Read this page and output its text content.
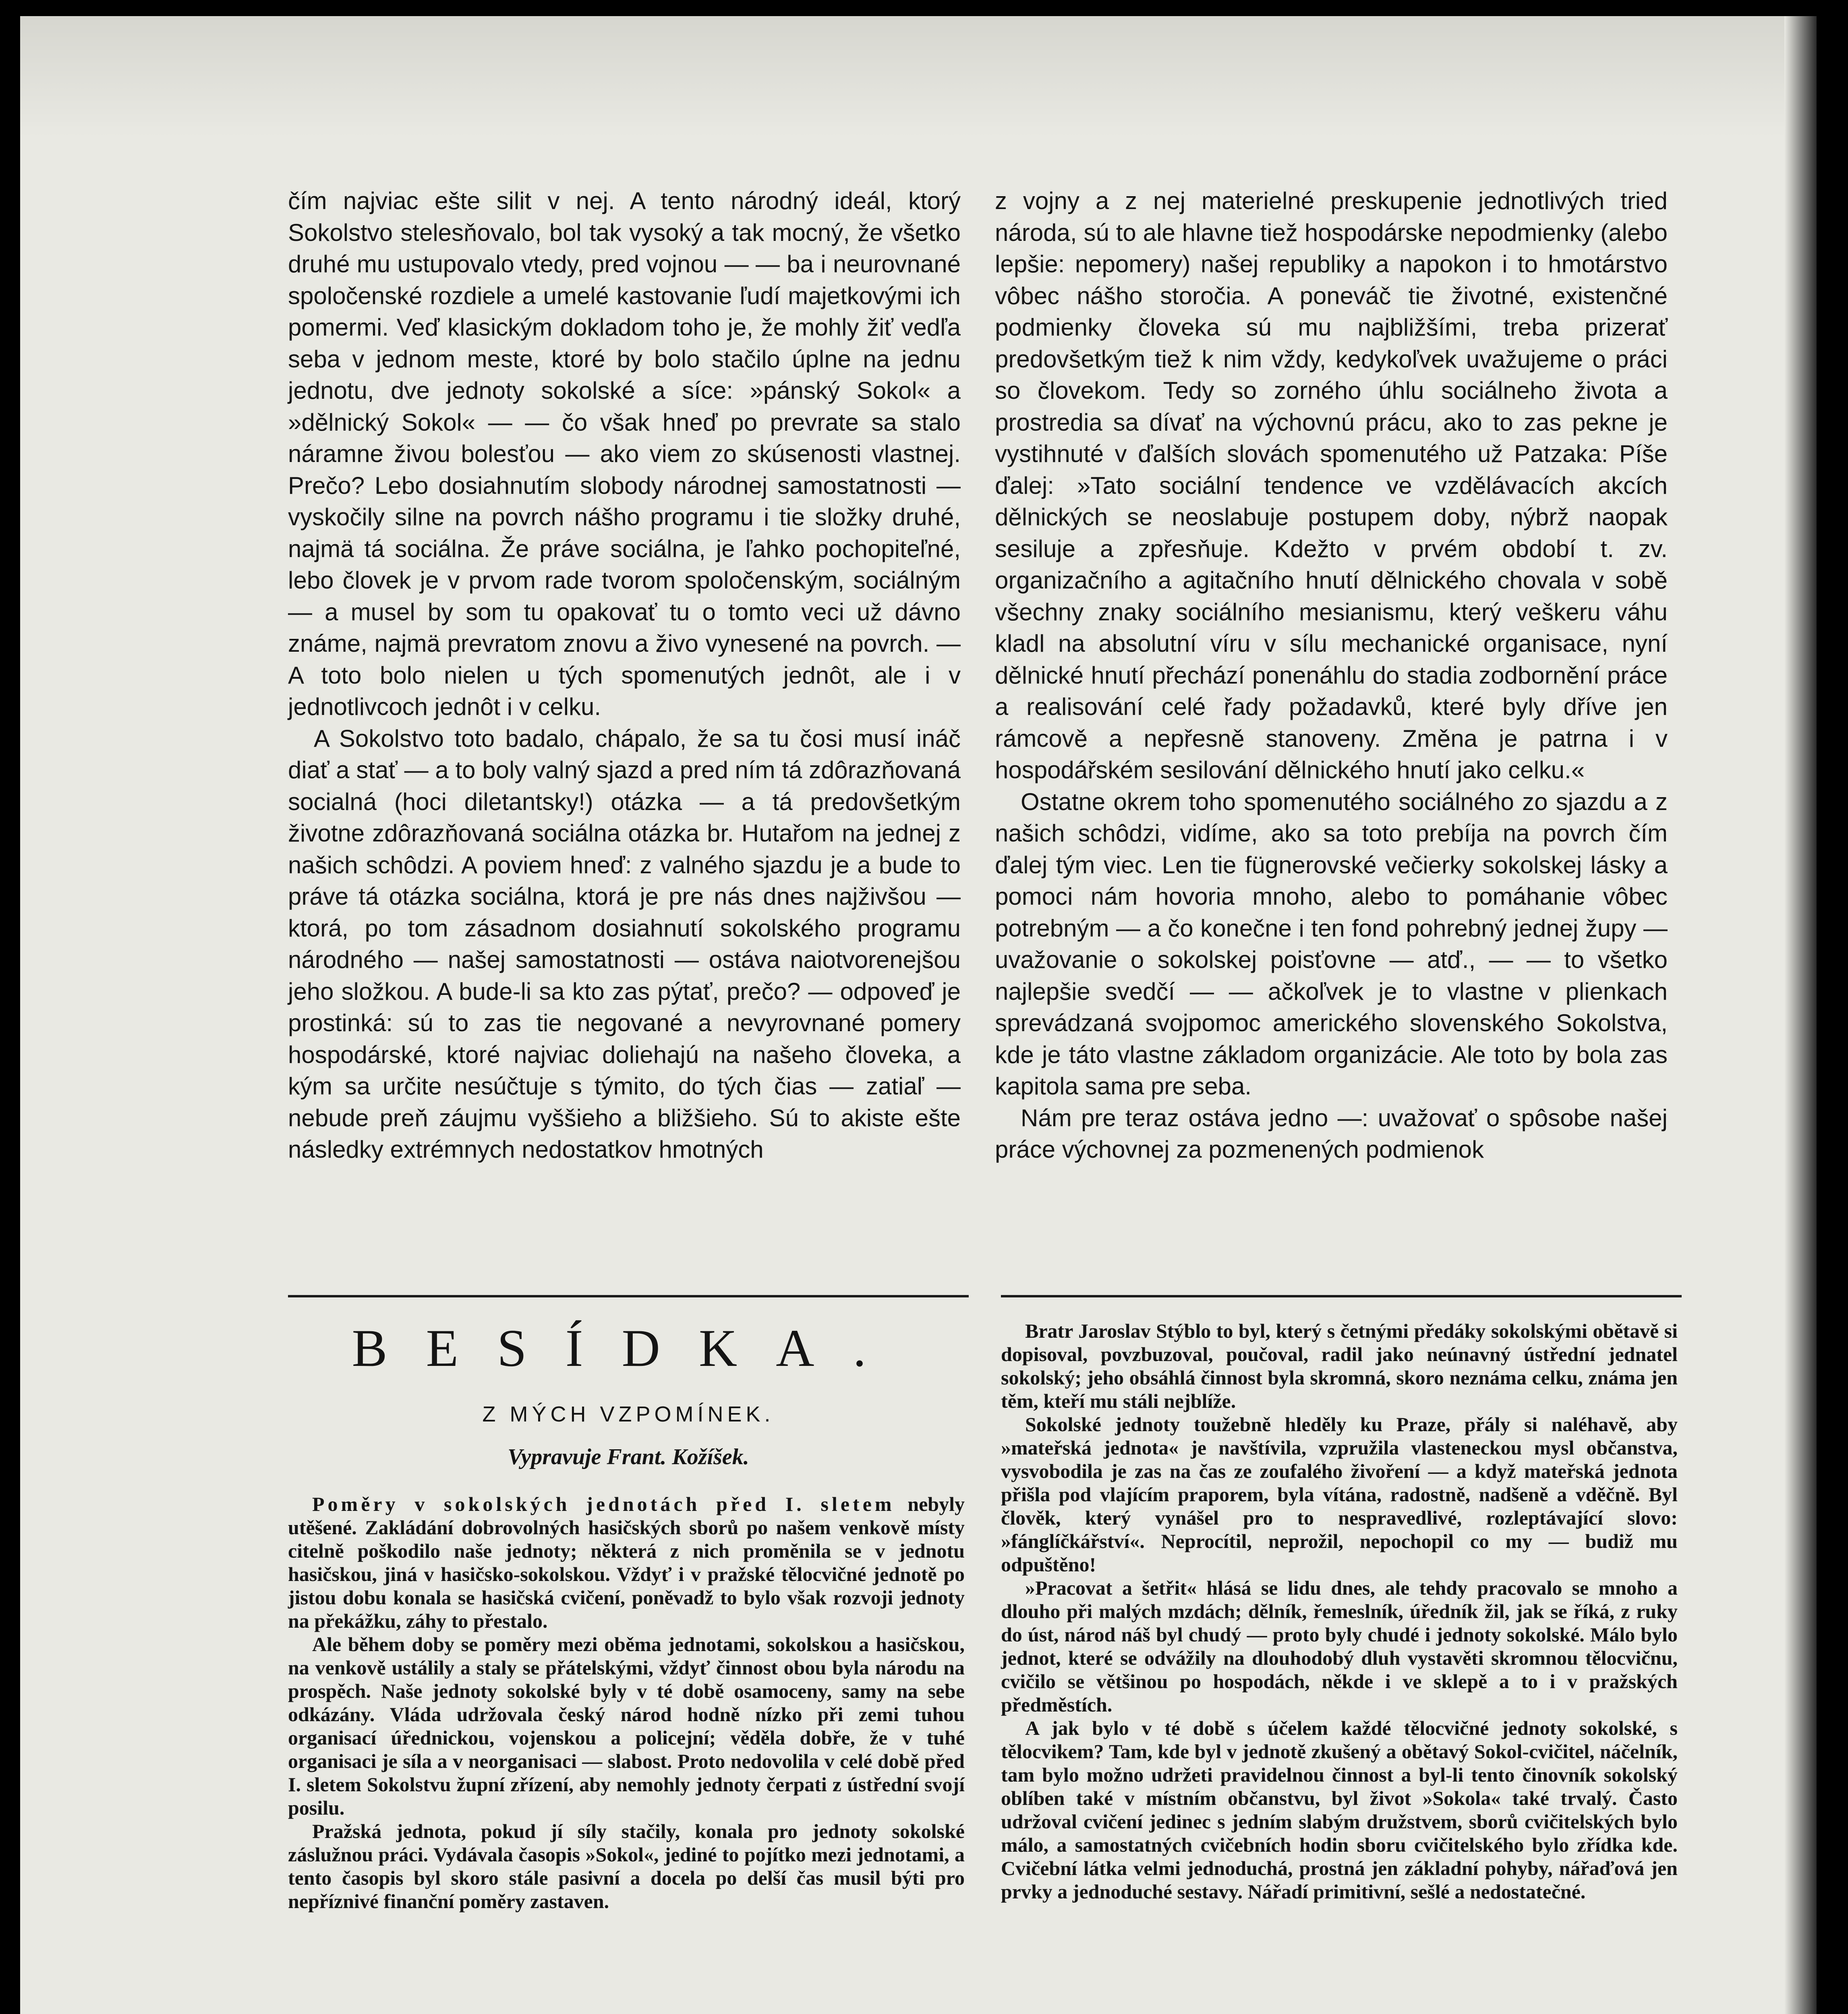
čím najviac ešte silit v nej. A tento národný ideál, ktorý Sokolstvo stelesňovalo, bol tak vysoký a tak mocný, že všetko druhé mu ustupovalo vtedy, pred vojnou — — ba i neurovnané spoločenské rozdiele a umelé kastovanie ľudí majetkovými ich pomermi. Veď klasickým dokladom toho je, že mohly žiť vedľa seba v jednom meste, ktoré by bolo stačilo úplne na jednu jednotu, dve jednoty sokolské a síce: »pánský Sokol« a »dělnický Sokol« — — čo však hneď po prevrate sa stalo náramne živou bolesťou — ako viem zo skúsenosti vlastnej. Prečo? Lebo dosiahnutím slobody národnej samostatnosti — vyskočily silne na povrch nášho programu i tie složky druhé, najmä tá sociálna. Že práve sociálna, je ľahko pochopiteľné, lebo človek je v prvom rade tvorom spoločenským, sociálným — a musel by som tu opakovať tu o tomto veci už dávno známe, najmä prevratom znovu a živo vynesené na povrch. — A toto bolo nielen u tých spomenutých jednôt, ale i v jednotlivcoch jednôt i v celku.

A Sokolstvo toto badalo, chápalo, že sa tu čosi musí ináč diať a stať — a to boly valný sjazd a pred ním tá zdôrazňovaná socialná (hoci diletantsky!) otázka — a tá predovšetkým životne zdôrazňovaná sociálna otázka br. Hutařom na jednej z našich schôdzi. A poviem hneď: z valného sjazdu je a bude to práve tá otázka sociálna, ktorá je pre nás dnes najživšou — ktorá, po tom zásadnom dosiahnutí sokolského programu národného — našej samostatnosti — ostáva naiotvorenejšou jeho složkou. A bude-li sa kto zas pýtať, prečo? — odpoveď je prostinká: sú to zas tie negované a nevyrovnané pomery hospodárské, ktoré najviac doliehajú na našeho človeka, a kým sa určite nesúčtuje s týmito, do tých čias — zatiaľ — nebude preň záujmu vyššieho a bližšieho. Sú to akiste ešte následky extrémnych nedostatkov hmotných

z vojny a z nej materielné preskupenie jednotlivých tried národa, sú to ale hlavne tiež hospodárske nepodmienky (alebo lepšie: nepomery) našej republiky a napokon i to hmotárstvo vôbec nášho storočia. A poneváč tie životné, existenčné podmienky človeka sú mu najbližšími, treba prizerať predovšetkým tiež k nim vždy, kedykoľvek uvažujeme o práci so človekom. Tedy so zorného úhlu sociálneho života a prostredia sa dívať na výchovnú prácu, ako to zas pekne je vystihnuté v ďalších slovách spomenutého už Patzaka: Píše ďalej: »Tato sociální tendence ve vzdělávacích akcích dělnických se neoslabuje postupem doby, nýbrž naopak sesiluje a zpřesňuje. Kdežto v prvém období t. zv. organizačního a agitačního hnutí dělnického chovala v sobě všechny znaky sociálního mesianismu, který veškeru váhu kladl na absolutní víru v sílu mechanické organisace, nyní dělnické hnutí přechází ponenáhlu do stadia zodbornění práce a realisování celé řady požadavků, které byly dříve jen rámcově a nepřesně stanoveny. Změna je patrna i v hospodářském sesilování dělnického hnutí jako celku.«

Ostatne okrem toho spomenutého sociálného zo sjazdu a z našich schôdzi, vidíme, ako sa toto prebíja na povrch čím ďalej tým viec. Len tie fügnerovské večierky sokolskej lásky a pomoci nám hovoria mnoho, alebo to pomáhanie vôbec potrebným — a čo konečne i ten fond pohrebný jednej župy — uvažovanie o sokolskej poisťovne — atď., — — to všetko najlepšie svedčí — — ačkoľvek je to vlastne v plienkach sprevádzaná svojpomoc amerického slovenského Sokolstva, kde je táto vlastne základom organizácie. Ale toto by bola zas kapitola sama pre seba.

Nám pre teraz ostáva jedno —: uvažovať o spôsobe našej práce výchovnej za pozmenených podmienok

BESÍDKA.
Z MÝCH VZPOMÍNEK.
Vypravuje Frant. Kožíšek.

Poměry v sokolských jednotách před I. sletem nebyly utěšené. Zakládání dobrovolných hasičských sborů po našem venkově místy citelně poškodilo naše jednoty; některá z nich proměnila se v jednotu hasičskou, jiná v hasičsko-sokolskou. Vždyť i v pražské tělocvičné jednotě po jistou dobu konala se hasičská cvičení, poněvadž to bylo však rozvoji jednoty na překážku, záhy to přestalo.

Ale během doby se poměry mezi oběma jednotami, sokolskou a hasičskou, na venkově ustálily a staly se přátelskými, vždyť činnost obou byla národu na prospěch. Naše jednoty sokolské byly v té době osamoceny, samy na sebe odkázány. Vláda udržovala český národ hodně nízko při zemi tuhou organisací úřednickou, vojenskou a policejní; věděla dobře, že v tuhé organisaci je síla a v neorganisaci — slabost. Proto nedovolila v celé době před I. sletem Sokolstvu župní zřízení, aby nemohly jednoty čerpati z ústřední svojí posilu.

Pražská jednota, pokud jí síly stačily, konala pro jednoty sokolské záslužnou práci. Vydávala časopis »Sokol«, jediné to pojítko mezi jednotami, a tento časopis byl skoro stále pasivní a docela po delší čas musil býti pro nepříznivé finanční poměry zastaven.

Bratr Jaroslav Stýblo to byl, který s četnými předáky sokolskými obětavě si dopisoval, povzbuzoval, poučoval, radil jako neúnavný ústřední jednatel sokolský; jeho obsáhlá činnost byla skromná, skoro neznáma celku, známa jen těm, kteří mu stáli nejblíže.

Sokolské jednoty toužebně hleděly ku Praze, přály si naléhavě, aby »mateřská jednota« je navštívila, vzpružila vlasteneckou mysl občanstva, vysvobodila je zas na čas ze zoufalého živoření — a když mateřská jednota přišla pod vlajícím praporem, byla vítána, radostně, nadšeně a vděčně. Byl člověk, který vynášel pro to nespravedlivé, rozleptávající slovo: »fánglíčkářství«. Neprocítil, neprožil, nepochopil co my — budiž mu odpuštěno!

»Pracovat a šetřit« hlásá se lidu dnes, ale tehdy pracovalo se mnoho a dlouho při malých mzdách; dělník, řemeslník, úředník žil, jak se říká, z ruky do úst, národ náš byl chudý — proto byly chudé i jednoty sokolské. Málo bylo jednot, které se odvážily na dlouhodobý dluh vystavěti skromnou tělocvičnu, cvičilo se většinou po hospodách, někde i ve sklepě a to i v pražských předměstích.

A jak bylo v té době s účelem každé tělocvičné jednoty sokolské, s tělocvikem? Tam, kde byl v jednotě zkušený a obětavý Sokol-cvičitel, náčelník, tam bylo možno udržeti pravidelnou činnost a byl-li tento činovník sokolský oblíben také v místním občanstvu, byl život »Sokola« také trvalý. Často udržoval cvičení jedinec s jedním slabým družstvem, sborů cvičitelských bylo málo, a samostatných cvičebních hodin sboru cvičitelského bylo zřídka kde. Cvičební látka velmi jednoduchá, prostná jen základní pohyby, nářaďová jen prvky a jednoduché sestavy. Nářadí primitivní, sešlé a nedostatečné.
